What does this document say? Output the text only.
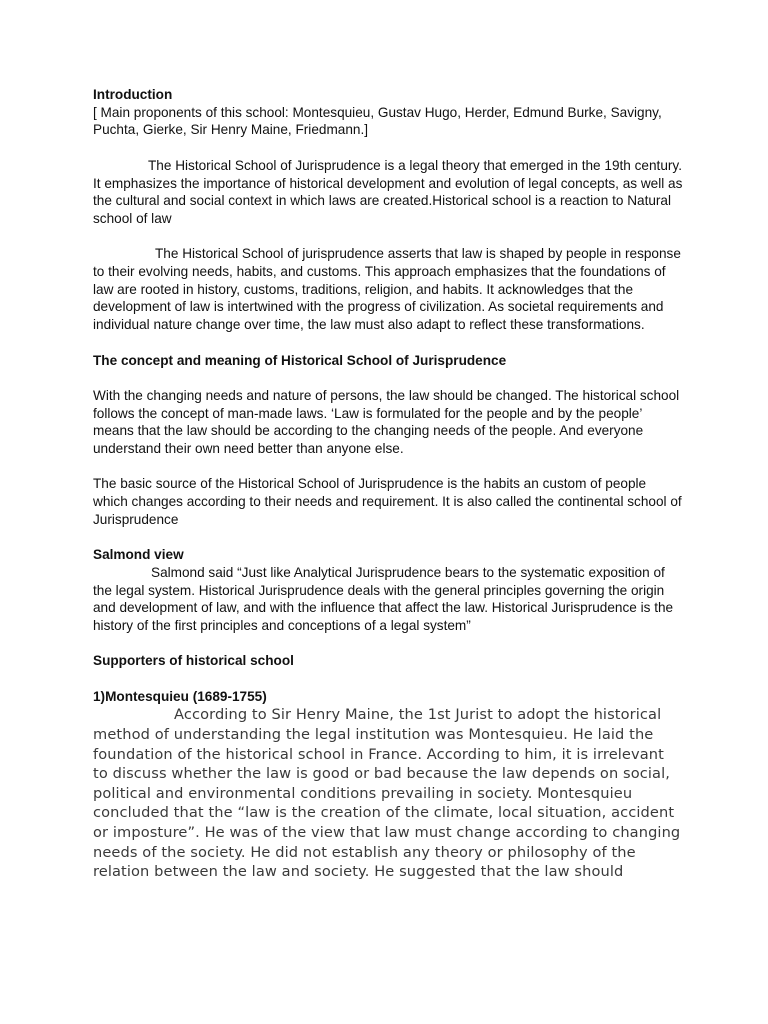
Introduction

[ Main proponents of this school: Montesquieu, Gustav Hugo, Herder, Edmund Burke, Savigny, Puchta, Gierke, Sir Henry Maine, Friedmann.]

The Historical School of Jurisprudence is a legal theory that emerged in the 19th century. It emphasizes the importance of historical development and evolution of legal concepts, as well as the cultural and social context in which laws are created.Historical school is a reaction to Natural school of law

The Historical School of jurisprudence asserts that law is shaped by people in response to their evolving needs, habits, and customs. This approach emphasizes that the foundations of law are rooted in history, customs, traditions, religion, and habits. It acknowledges that the development of law is intertwined with the progress of civilization. As societal requirements and individual nature change over time, the law must also adapt to reflect these transformations.

The concept and meaning of Historical School of Jurisprudence

With the changing needs and nature of persons, the law should be changed. The historical school follows the concept of man-made laws. ‘Law is formulated for the people and by the people’ means that the law should be according to the changing needs of the people. And everyone understand their own need better than anyone else.

The basic source of the Historical School of Jurisprudence is the habits an custom of people which changes according to their needs and requirement. It is also called the continental school of Jurisprudence

Salmond view

Salmond said “Just like Analytical Jurisprudence bears to the systematic exposition of the legal system. Historical Jurisprudence deals with the general principles governing the origin and development of law, and with the influence that affect the law. Historical Jurisprudence is the history of the first principles and conceptions of a legal system”

Supporters of historical school

1)Montesquieu (1689-1755)

According to Sir Henry Maine, the 1st Jurist to adopt the historical method of understanding the legal institution was Montesquieu. He laid the foundation of the historical school in France. According to him, it is irrelevant to discuss whether the law is good or bad because the law depends on social, political and environmental conditions prevailing in society. Montesquieu concluded that the “law is the creation of the climate, local situation, accident or imposture”. He was of the view that law must change according to changing needs of the society. He did not establish any theory or philosophy of the relation between the law and society. He suggested that the law should
